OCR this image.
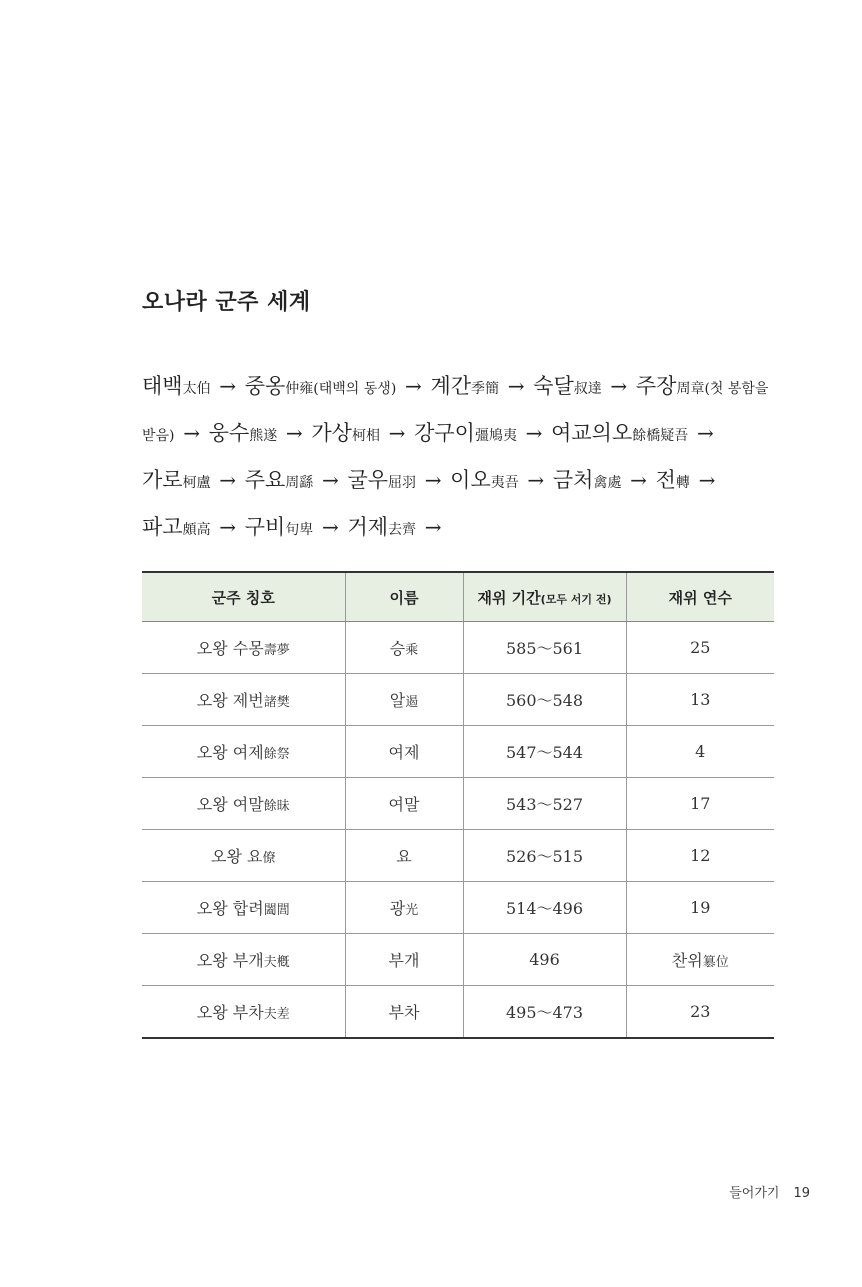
오나라 군주 세계
태백太伯 → 중옹仲雍(태백의 동생) → 계간季簡 → 숙달叔達 → 주장周章(첫 봉함을 받음) → 웅수熊遂 → 가상柯相 → 강구이彊鳩夷 → 여교의오餘橋疑吾 → 가로柯盧 → 주요周繇 → 굴우屈羽 → 이오夷吾 → 금처禽處 → 전轉 → 파고頗高 → 구비句卑 → 거제去齊 →
군주 칭호	이름	재위 기간(모두 서기 전)	재위 연수
오왕 수몽壽夢	승乘	585～561	25
오왕 제번諸樊	알遏	560～548	13
오왕 여제餘祭	여제	547～544	4
오왕 여말餘昧	여말	543～527	17
오왕 요僚	요	526～515	12
오왕 합려闔閭	광光	514～496	19
오왕 부개夫槪	부개	496	찬위簒位
오왕 부차夫差	부차	495～473	23
들어가기 19
